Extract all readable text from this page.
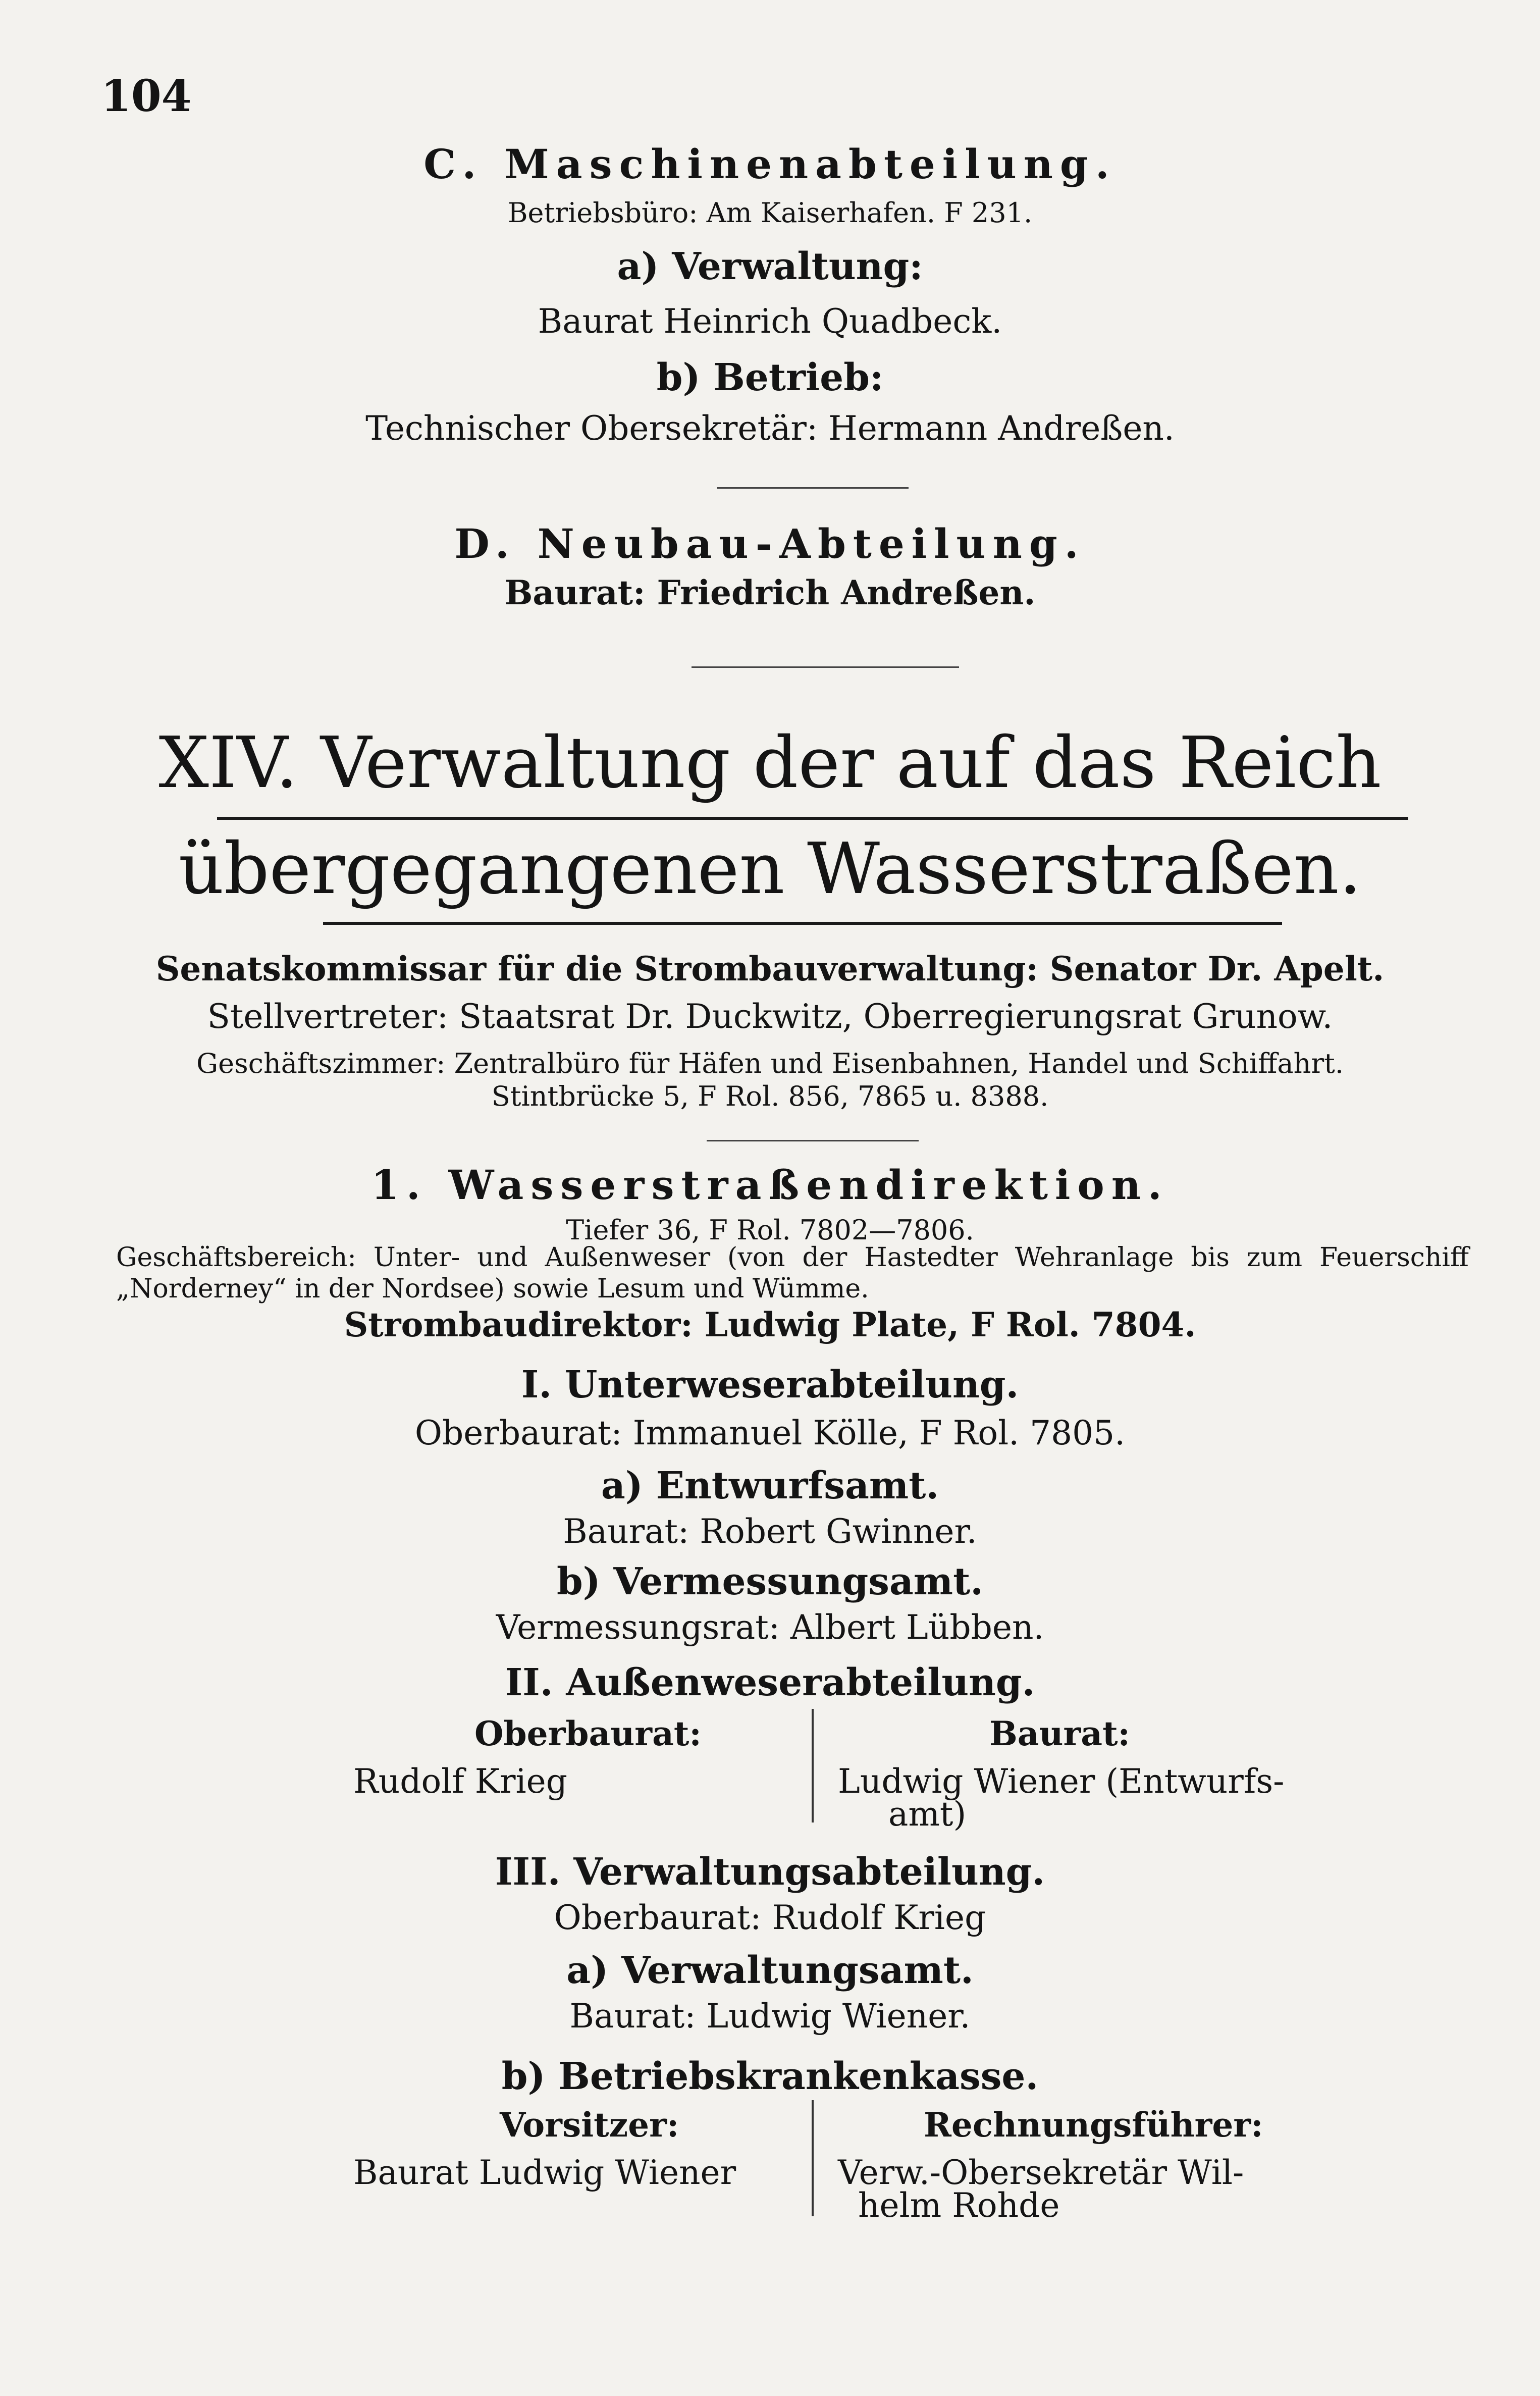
104
C. Maschinenabteilung.
Betriebsbüro: Am Kaiserhafen. F 231.
a) Verwaltung:
Baurat Heinrich Quadbeck.
b) Betrieb:
Technischer Obersekretär: Hermann Andreßen.
D. Neubau-Abteilung.
Baurat: Friedrich Andreßen.
XIV. Verwaltung der auf das Reich
übergegangenen Wasserstraßen.
Senatskommissar für die Strombauverwaltung: Senator Dr. Apelt.
Stellvertreter: Staatsrat Dr. Duckwitz, Oberregierungsrat Grunow.
Geschäftszimmer: Zentralbüro für Häfen und Eisenbahnen, Handel und Schiffahrt.
Stintbrücke 5, F Rol. 856, 7865 u. 8388.
1. Wasserstraßendirektion.
Tiefer 36, F Rol. 7802—7806.
Geschäftsbereich: Unter- und Außenweser (von der Hastedter Wehranlage bis zum Feuerschiff „Norderney“ in der Nordsee) sowie Lesum und Wümme.
Strombaudirektor: Ludwig Plate, F Rol. 7804.
I. Unterweserabteilung.
Oberbaurat: Immanuel Kölle, F Rol. 7805.
a) Entwurfsamt.
Baurat: Robert Gwinner.
b) Vermessungsamt.
Vermessungsrat: Albert Lübben.
II. Außenweserabteilung.
Oberbaurat:
Rudolf Krieg
Baurat:
Ludwig Wiener (Entwurfs-
amt)
III. Verwaltungsabteilung.
Oberbaurat: Rudolf Krieg
a) Verwaltungsamt.
Baurat: Ludwig Wiener.
b) Betriebskrankenkasse.
Vorsitzer:
Baurat Ludwig Wiener
Rechnungsführer:
Verw.-Obersekretär Wil-
helm Rohde
